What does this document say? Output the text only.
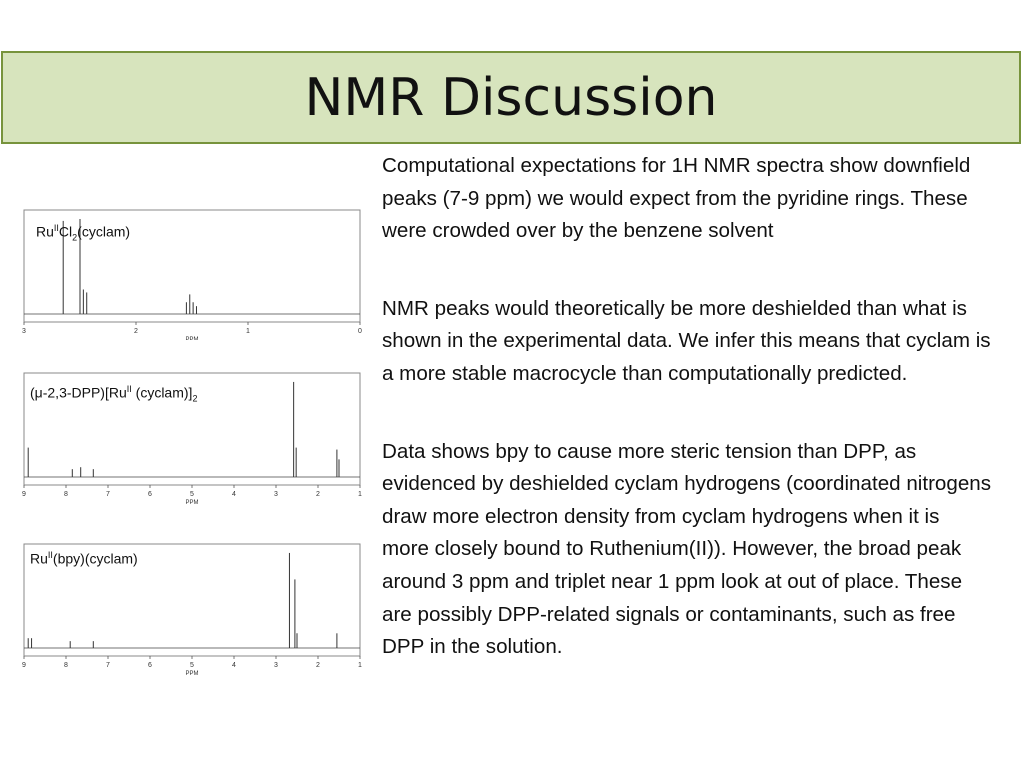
NMR Discussion
3	2	1	0
PPM
$Ru^{II}Cl_2(cyclam)$
9	8	7	6	5	4	3	2	1
PPM
$(\mu-2,3-DPP)[Ru^{II}$ $(cyclam)]_2$
9	8	7	6	5	4	3	2	1
PPM
$Ru^{II}(bpy)(cyclam)$

Computational expectations for 1H NMR spectra show downfield peaks (7-9 ppm) we would expect from the pyridine rings. These were crowded over by the benzene solvent

NMR peaks would theoretically be more deshielded than what is shown in the experimental data. We infer this means that cyclam is a more stable macrocycle than computationally predicted.

Data shows bpy to cause more steric tension than DPP, as evidenced by deshielded cyclam hydrogens (coordinated nitrogens draw more electron density from cyclam hydrogens when it is more closely bound to Ruthenium(II)). However, the broad peak around 3 ppm and triplet near 1 ppm look at out of place. These are possibly DPP-related signals or contaminants, such as free DPP in the solution.
